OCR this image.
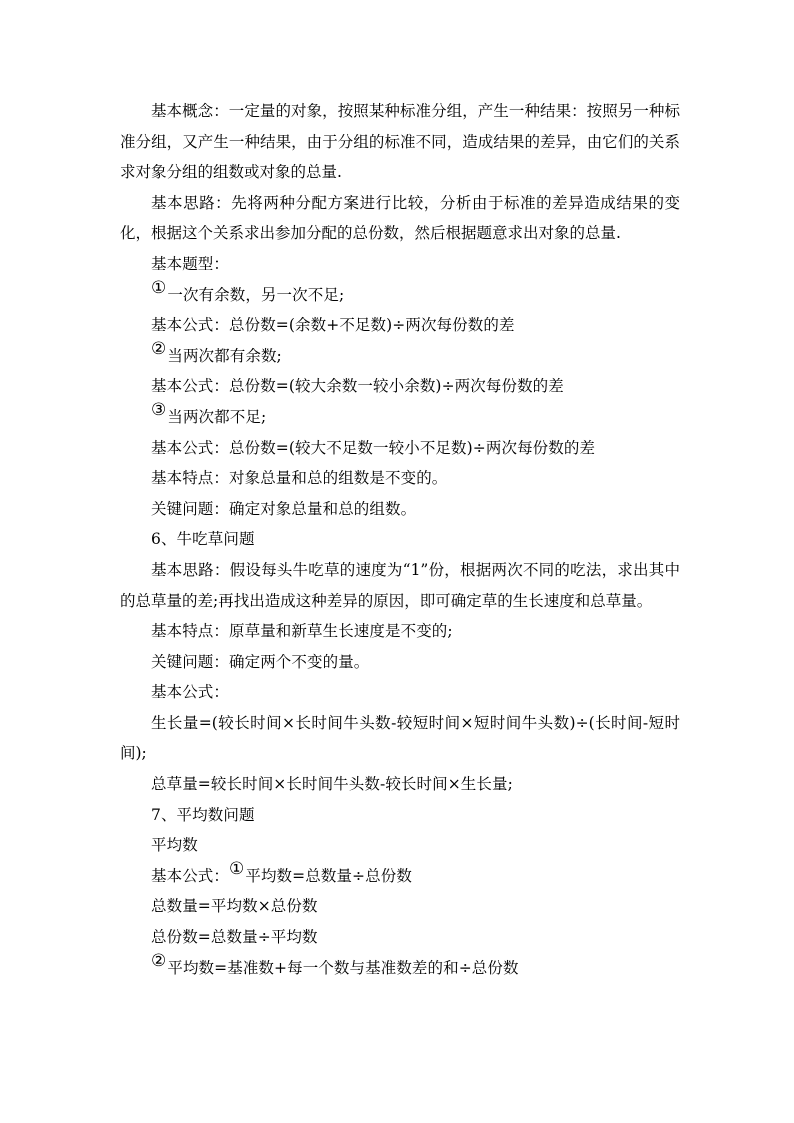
基本概念：一定量的对象，按照某种标准分组，产生一种结果：按照另一种标准分组，又产生一种结果，由于分组的标准不同，造成结果的差异，由它们的关系求对象分组的组数或对象的总量.
基本思路：先将两种分配方案进行比较，分析由于标准的差异造成结果的变化，根据这个关系求出参加分配的总份数，然后根据题意求出对象的总量.
基本题型：
①一次有余数，另一次不足;
基本公式：总份数=(余数+不足数)÷两次每份数的差
②当两次都有余数;
基本公式：总份数=(较大余数一较小余数)÷两次每份数的差
③当两次都不足;
基本公式：总份数=(较大不足数一较小不足数)÷两次每份数的差
基本特点：对象总量和总的组数是不变的。
关键问题：确定对象总量和总的组数。
6、牛吃草问题
基本思路：假设每头牛吃草的速度为“1”份，根据两次不同的吃法，求出其中的总草量的差;再找出造成这种差异的原因，即可确定草的生长速度和总草量。
基本特点：原草量和新草生长速度是不变的;
关键问题：确定两个不变的量。
基本公式：
生长量=(较长时间×长时间牛头数-较短时间×短时间牛头数)÷(长时间-短时间);
总草量=较长时间×长时间牛头数-较长时间×生长量;
7、平均数问题
平均数
基本公式：①平均数=总数量÷总份数
总数量=平均数×总份数
总份数=总数量÷平均数
②平均数=基准数+每一个数与基准数差的和÷总份数
